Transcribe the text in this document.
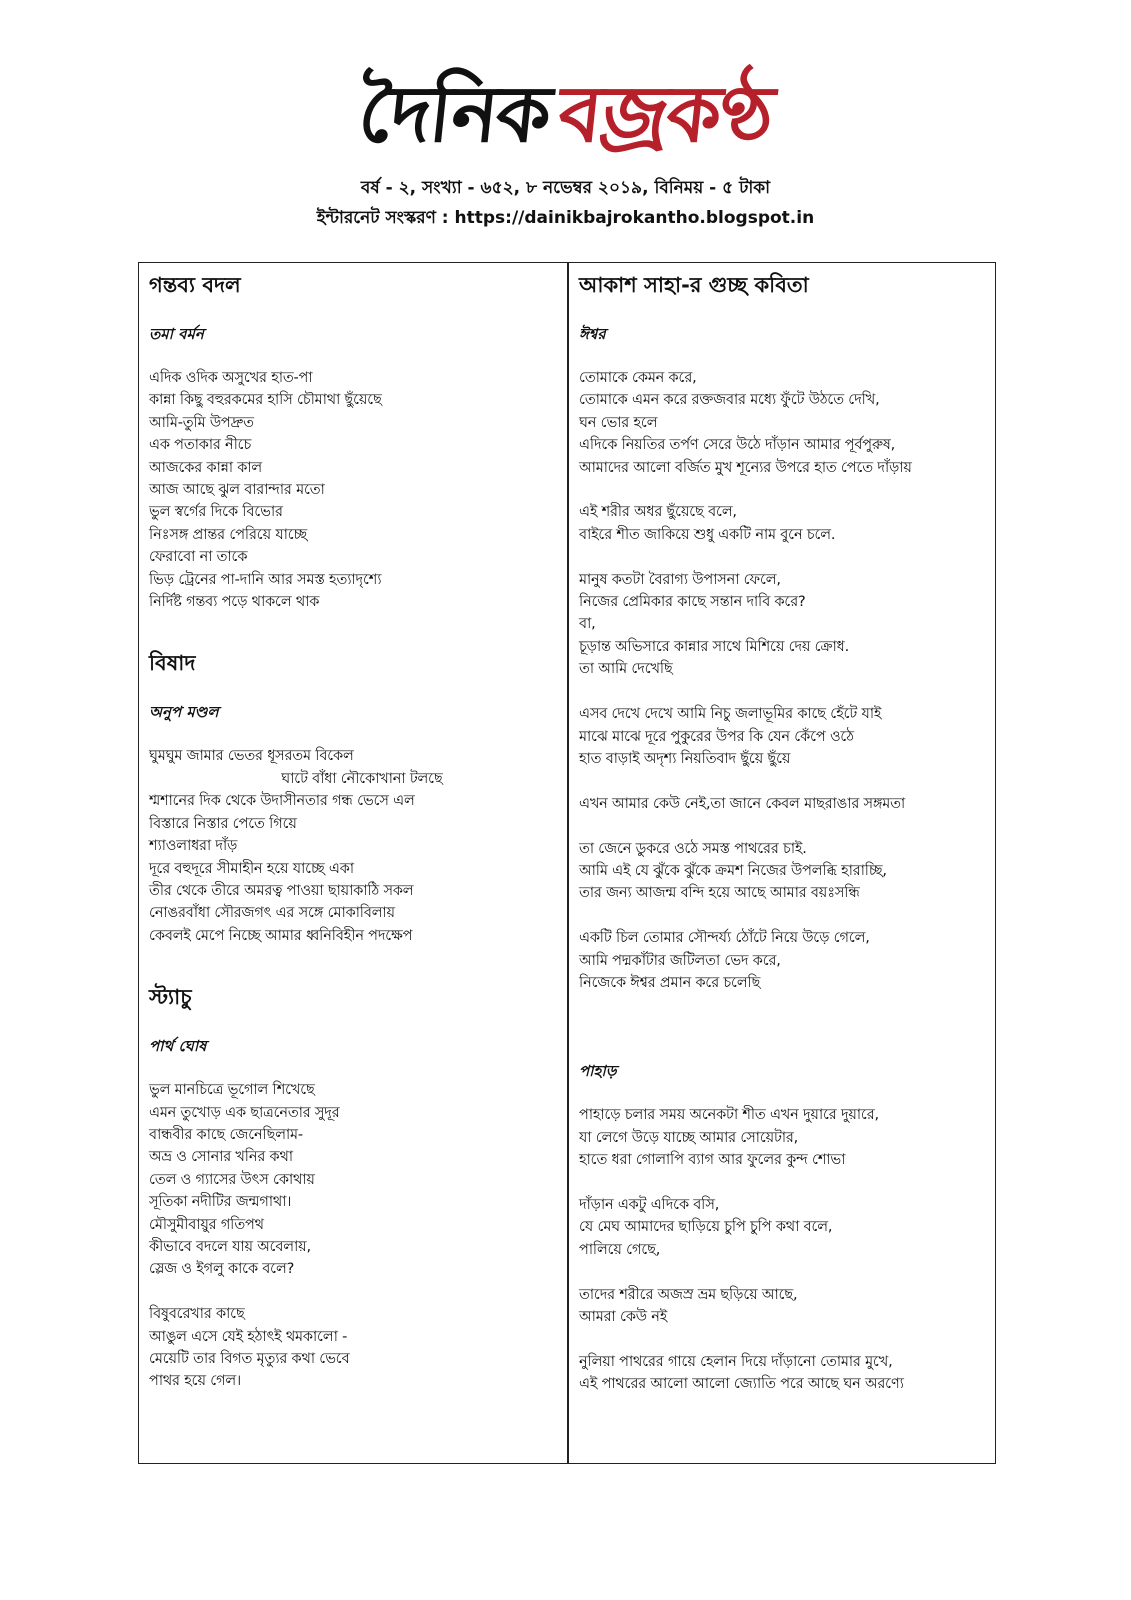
দৈনিকবজ্রকণ্ঠ
বর্ষ - ২, সংখ্যা - ৬৫২, ৮ নভেম্বর ২০১৯, বিনিময় - ৫ টাকা
ইন্টারনেট সংস্করণ : https://dainikbajrokantho.blogspot.in
গন্তব্য বদল
তমা বর্মন
এদিক ওদিক অসুখের হাত-পা
কান্না কিছু বহুরকমের হাসি চৌমাথা ছুঁয়েছে
আমি-তুমি উপদ্রুত
এক পতাকার নীচে
আজকের কান্না কাল
আজ আছে ঝুল বারান্দার মতো
ভুল স্বর্গের দিকে বিভোর
নিঃসঙ্গ প্রান্তর পেরিয়ে যাচ্ছে
ফেরাবো না তাকে
ভিড় ট্রেনের পা-দানি আর সমস্ত হত্যাদৃশ্যে
নির্দিষ্ট গন্তব্য পড়ে থাকলে থাক
বিষাদ
অনুপ মণ্ডল
ঘুমঘুম জামার ভেতর ধূসরতম বিকেল
ঘাটে বাঁধা নৌকোখানা টলছে
শ্মশানের দিক থেকে উদাসীনতার গন্ধ ভেসে এল
বিস্তারে নিস্তার পেতে গিয়ে
শ্যাওলাধরা দাঁড়
দূরে বহুদূরে সীমাহীন হয়ে যাচ্ছে একা
তীর থেকে তীরে অমরত্ব পাওয়া ছায়াকাঠি সকল
নোঙরবাঁধা সৌরজগৎ এর সঙ্গে মোকাবিলায়
কেবলই মেপে নিচ্ছে আমার ধ্বনিবিহীন পদক্ষেপ
স্ট্যাচু
পার্থ ঘোষ
ভুল মানচিত্রে ভূগোল শিখেছে
এমন তুখোড় এক ছাত্রনেতার সুদূর
বান্ধবীর কাছে জেনেছিলাম-
অভ্র ও সোনার খনির কথা
তেল ও গ্যাসের উৎস কোথায়
সূতিকা নদীটির জন্মগাথা।
মৌসুমীবায়ুর গতিপথ
কীভাবে বদলে যায় অবেলায়,
স্লেজ ও ইগলু কাকে বলে?

বিষুবরেখার কাছে
আঙুল এসে যেই হঠাৎই থমকালো -
মেয়েটি তার বিগত মৃত্যুর কথা ভেবে
পাথর হয়ে গেল।
আকাশ সাহা-র গুচ্ছ কবিতা
ঈশ্বর
তোমাকে কেমন করে,
তোমাকে এমন করে রক্তজবার মধ্যে ফুঁটে উঠতে দেখি,
ঘন ভোর হলে
এদিকে নিয়তির তর্পণ সেরে উঠে দাঁড়ান আমার পূর্বপুরুষ,
আমাদের আলো বর্জিত মুখ শূন্যের উপরে হাত পেতে দাঁড়ায়

এই শরীর অধর ছুঁয়েছে বলে,
বাইরে শীত জাকিয়ে শুধু একটি নাম বুনে চলে.

মানুষ কতটা বৈরাগ্য উপাসনা ফেলে,
নিজের প্রেমিকার কাছে সন্তান দাবি করে?
বা,
চূড়ান্ত অভিসারে কান্নার সাথে মিশিয়ে দেয় ক্রোধ.
তা আমি দেখেছি

এসব দেখে দেখে আমি নিচু জলাভূমির কাছে হেঁটে যাই
মাঝে মাঝে দূরে পুকুরের উপর কি যেন কেঁপে ওঠে
হাত বাড়াই অদৃশ্য নিয়তিবাদ ছুঁয়ে ছুঁয়ে

এখন আমার কেউ নেই,তা জানে কেবল মাছরাঙার সঙ্গমতা

তা জেনে ডুকরে ওঠে সমস্ত পাথরের চাই.
আমি এই যে ঝুঁকে ঝুঁকে ক্রমশ নিজের উপলব্ধি হারাচ্ছি,
তার জন্য আজন্ম বন্দি হয়ে আছে আমার বয়ঃসন্ধি

একটি চিল তোমার সৌন্দর্য্য ঠোঁটে নিয়ে উড়ে গেলে,
আমি পদ্মকাঁটার জটিলতা ভেদ করে,
নিজেকে ঈশ্বর প্রমান করে চলেছি
পাহাড়
পাহাড়ে চলার সময় অনেকটা শীত এখন দুয়ারে দুয়ারে,
যা লেগে উড়ে যাচ্ছে আমার সোয়েটার,
হাতে ধরা গোলাপি ব্যাগ আর ফুলের কুন্দ শোভা

দাঁড়ান একটু এদিকে বসি,
যে মেঘ আমাদের ছাড়িয়ে চুপি চুপি কথা বলে,
পালিয়ে গেছে,

তাদের শরীরে অজস্র ভ্রম ছড়িয়ে আছে,
আমরা কেউ নই

নুলিয়া পাথরের গায়ে হেলান দিয়ে দাঁড়ানো তোমার মুখে,
এই পাথরের আলো আলো জ্যোতি পরে আছে ঘন অরণ্যে
